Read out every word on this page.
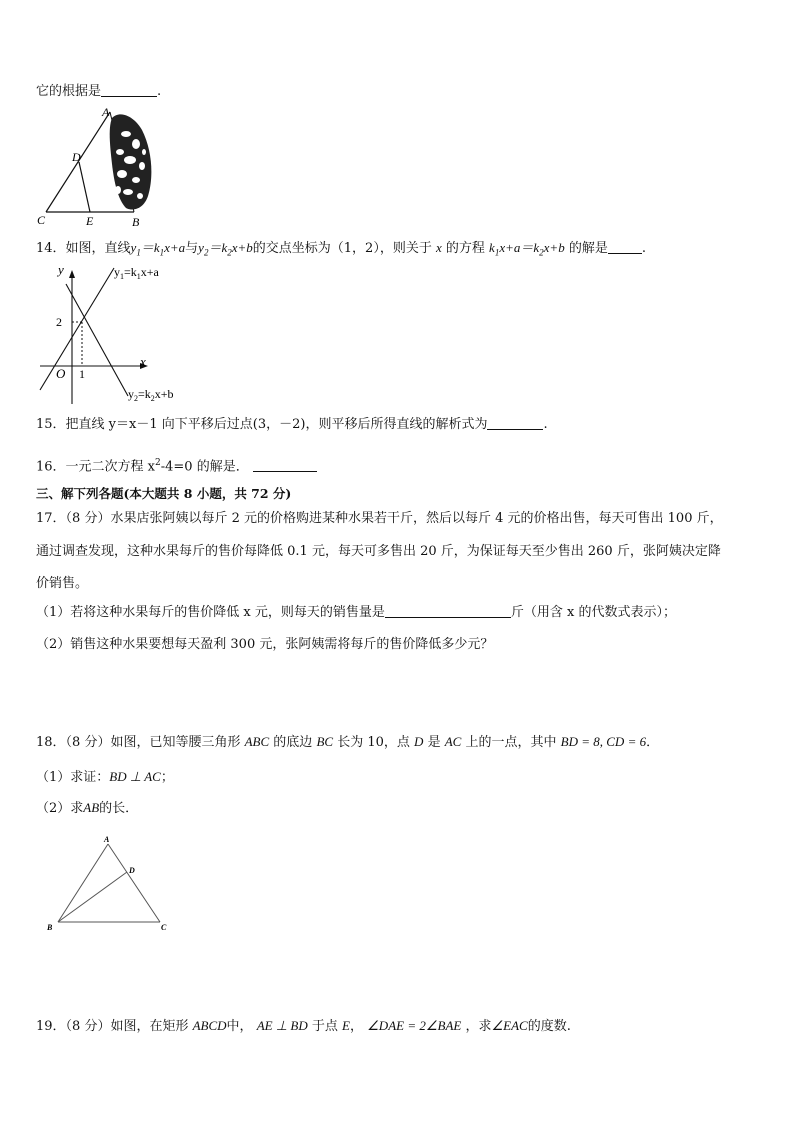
它的根据是	.
A
D
C	E	B
14．如图，直线$y_1=k_1x+a$与$y_2=k_2x+b$的交点坐标为（1，2），则关于 x 的方程 $k_1x+a=k_2x+b$ 的解是	.
y
x
O
2
1
$y_1=k_1x+a$
$y_2=k_2x+b$
15．把直线 y＝x－1 向下平移后过点(3，－2)，则平移后所得直线的解析式为	.
16．一元二次方程 $x^2-4=0$ 的解是．
三、解下列各题(本大题共 8 小题，共 72 分)
17．（8 分）水果店张阿姨以每斤 2 元的价格购进某种水果若干斤，然后以每斤 4 元的价格出售，每天可售出 100 斤，
通过调查发现，这种水果每斤的售价每降低 0.1 元，每天可多售出 20 斤，为保证每天至少售出 260 斤，张阿姨决定降
价销售。
（1）若将这种水果每斤的售价降低 x 元，则每天的销售量是	斤（用含 x 的代数式表示）；
（2）销售这种水果要想每天盈利 300 元，张阿姨需将每斤的售价降低多少元？
18．（8 分）如图，已知等腰三角形 ABC 的底边 BC 长为 10，点 D 是 AC 上的一点，其中 BD = 8, CD = 6．
（1）求证：BD ⊥ AC；
（2）求AB的长．
A
D
B	C
19．（8 分）如图，在矩形 ABCD中， AE ⊥ BD 于点 E， ∠DAE = 2∠BAE ，求∠EAC的度数.
